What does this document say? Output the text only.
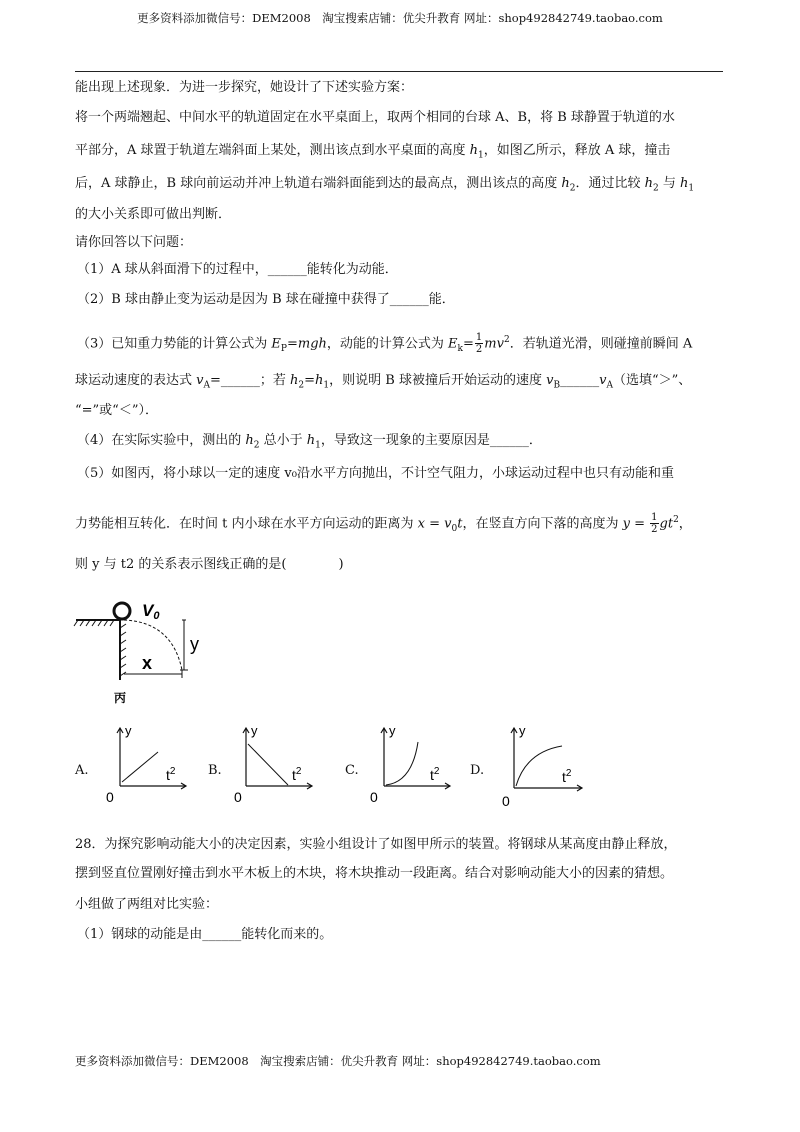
更多资料添加微信号：DEM2008　淘宝搜索店铺：优尖升教育 网址：shop492842749.taobao.com
能出现上述现象．为进一步探究，她设计了下述实验方案：
将一个两端翘起、中间水平的轨道固定在水平桌面上，取两个相同的台球 A、B，将 B 球静置于轨道的水
平部分，A 球置于轨道左端斜面上某处，测出该点到水平桌面的高度 $h_1$，如图乙所示，释放 A 球，撞击
后，A 球静止，B 球向前运动并冲上轨道右端斜面能到达的最高点，测出该点的高度 $h_2$．通过比较 $h_2$ 与 $h_1$
的大小关系即可做出判断．
请你回答以下问题：
（1）A 球从斜面滑下的过程中，______能转化为动能．
（2）B 球由静止变为运动是因为 B 球在碰撞中获得了______能．
（3）已知重力势能的计算公式为 $E_P=mgh$，动能的计算公式为 $E_k= \frac{1}{2} mv^2$．若轨道光滑，则碰撞前瞬间 A
球运动速度的表达式 $v_A=\_\_\_\_\_\_$；若 $h_2=h_1$，则说明 B 球被撞后开始运动的速度 $v_B\_\_\_\_\_\_v_A$（选填“＞”、
“=”或“＜”）．
（4）在实际实验中，测出的 $h_2$ 总小于 $h_1$，导致这一现象的主要原因是______．
（5）如图丙，将小球以一定的速度 v₀沿水平方向抛出，不计空气阻力，小球运动过程中也只有动能和重
力势能相互转化．在时间 t 内小球在水平方向运动的距离为 $x = v_0t$，在竖直方向下落的高度为 $y = \frac{1}{2} gt^2$，
则 y 与 t2 的关系表示图线正确的是(　　　　)
V0
y
x
丙
A.
y
$t^2$
0
B.
y
$t^2$
0
C.
y
$t^2$
0
D.
y
$t^2$
0
28．为探究影响动能大小的决定因素，实验小组设计了如图甲所示的装置。将钢球从某高度由静止释放，
摆到竖直位置刚好撞击到水平木板上的木块，将木块推动一段距离。结合对影响动能大小的因素的猜想。
小组做了两组对比实验：
（1）钢球的动能是由______能转化而来的。
更多资料添加微信号：DEM2008　淘宝搜索店铺：优尖升教育 网址：shop492842749.taobao.com
